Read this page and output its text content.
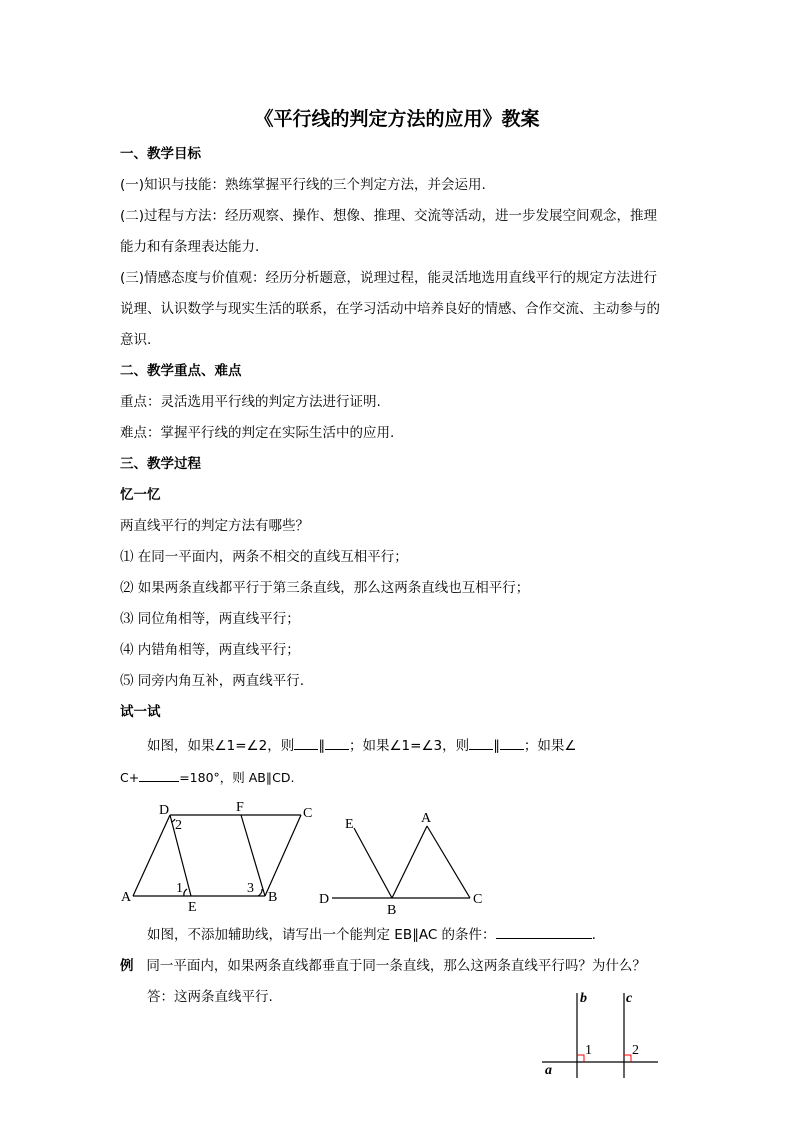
《平行线的判定方法的应用》教案
一、教学目标
(一)知识与技能：熟练掌握平行线的三个判定方法，并会运用.
(二)过程与方法：经历观察、操作、想像、推理、交流等活动，进一步发展空间观念，推理
能力和有条理表达能力.
(三)情感态度与价值观：经历分析题意，说理过程，能灵活地选用直线平行的规定方法进行
说理、认识数学与现实生活的联系，在学习活动中培养良好的情感、合作交流、主动参与的
意识.
二、教学重点、难点
重点：灵活选用平行线的判定方法进行证明.
难点：掌握平行线的判定在实际生活中的应用.
三、教学过程
忆一忆
两直线平行的判定方法有哪些？
⑴ 在同一平面内，两条不相交的直线互相平行；
⑵ 如果两条直线都平行于第三条直线，那么这两条直线也互相平行；
⑶ 同位角相等，两直线平行；
⑷ 内错角相等，两直线平行；
⑸ 同旁内角互补，两直线平行.
试一试
如图，如果∠1=∠2，则 ∥ ；如果∠1=∠3，则 ∥ ；如果∠
C+	=180°，则 AB∥CD.
D	F	C
A
E
B
2
1	3
E	A
D
B
C
如图，不添加辅助线，请写出一个能判定 EB∥AC 的条件：	.
例 同一平面内，如果两条直线都垂直于同一条直线，那么这两条直线平行吗？为什么？
答：这两条直线平行.	b	c
a
1	2
